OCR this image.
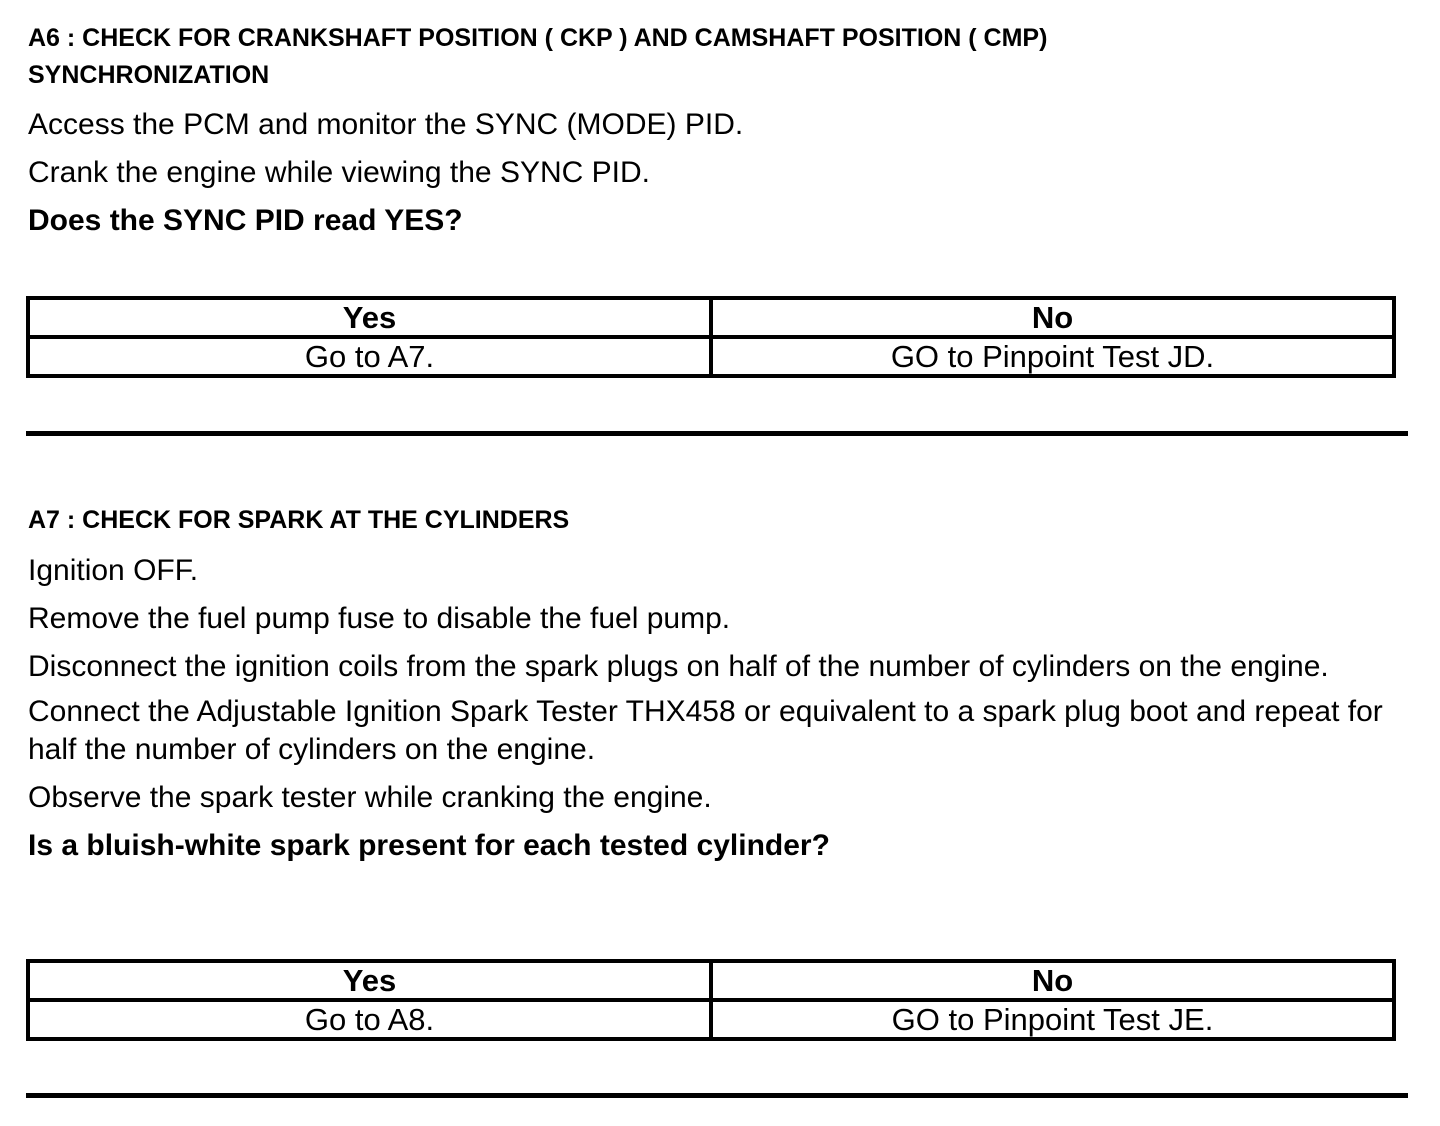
A6 : CHECK FOR CRANKSHAFT POSITION ( CKP ) AND CAMSHAFT POSITION ( CMP)

SYNCHRONIZATION

Access the PCM and monitor the SYNC (MODE) PID.

Crank the engine while viewing the SYNC PID.

Does the SYNC PID read YES?

Yes	No
Go to A7.	GO to Pinpoint Test JD.

A7 : CHECK FOR SPARK AT THE CYLINDERS

Ignition OFF.

Remove the fuel pump fuse to disable the fuel pump.

Disconnect the ignition coils from the spark plugs on half of the number of cylinders on the engine.

Connect the Adjustable Ignition Spark Tester THX458 or equivalent to a spark plug boot and repeat for half the number of cylinders on the engine.

Observe the spark tester while cranking the engine.

Is a bluish-white spark present for each tested cylinder?

Yes	No
Go to A8.	GO to Pinpoint Test JE.
